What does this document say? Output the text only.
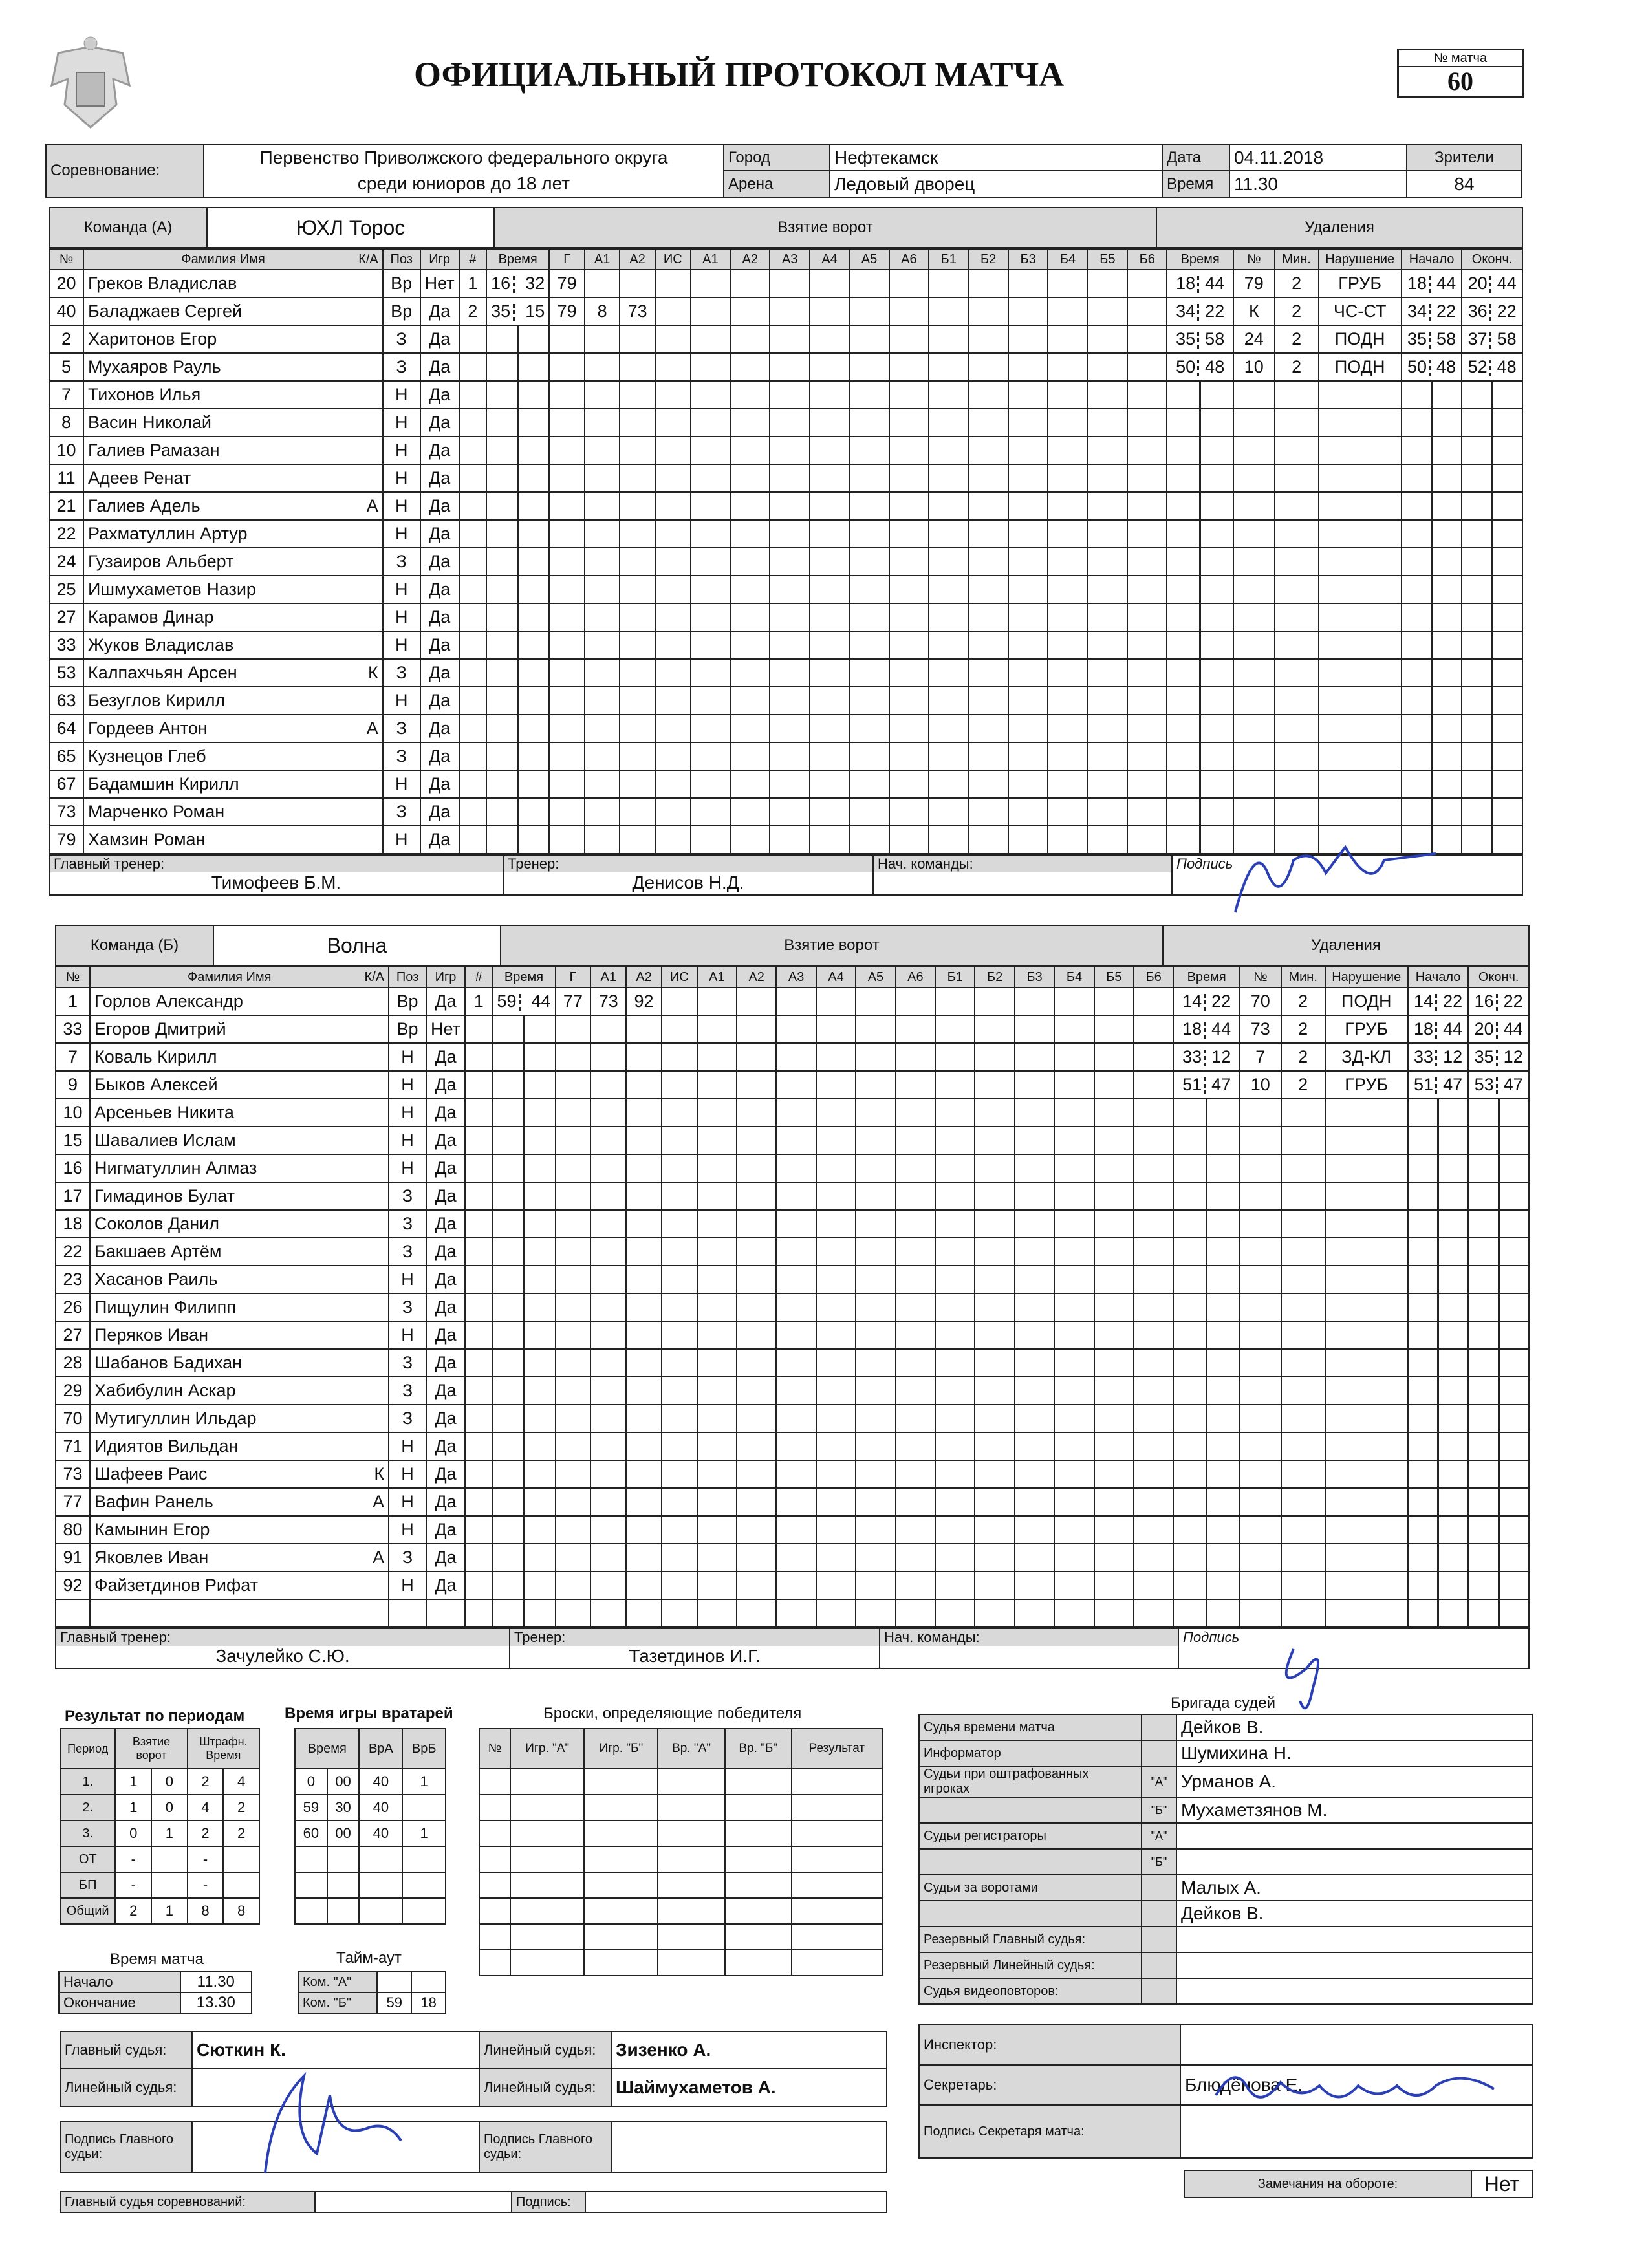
ОФИЦИАЛЬНЫЙ ПРОТОКОЛ МАТЧА	№ матча
60
Соревнование:	Первенство Приволжского федерального округа	Город	Нефтекамск	Дата	04.11.2018	Зрители
	среди юниоров до 18 лет	Арена	Ледовый дворец	Время	11.30	84
Команда (А)	ЮХЛ Торос	Взятие ворот	Удаления
№	Фамилия Имя К/А	Поз	Игр	#	Время	Г	А1	А2	ИС	А1	А2	А3	А4	А5	А6	Б1	Б2	Б3	Б4	Б5	Б6	Время	№	Мин.	Нарушение	Начало	Оконч.
20	Греков Владислав	Вр	Нет	1	16 32	79																18 44	79	2	ГРУБ	18 44	20 44
40	Баладжаев Сергей	Вр	Да	2	35 15	79	8	73														34 22	К	2	ЧС-СТ	34 22	36 22
2	Харитонов Егор	З	Да																			35 58	24	2	ПОДН	35 58	37 58
5	Мухаяров Рауль	З	Да																			50 48	10	2	ПОДН	50 48	52 48
7	Тихонов Илья	Н	Да																								
8	Васин Николай	Н	Да																								
10	Галиев Рамазан	Н	Да																								
11	Адеев Ренат	Н	Да																								
21	Галиев Адель А	Н	Да																								
22	Рахматуллин Артур	Н	Да																								
24	Гузаиров Альберт	З	Да																								
25	Ишмухаметов Назир	Н	Да																								
27	Карамов Динар	Н	Да																								
33	Жуков Владислав	Н	Да																								
53	Калпахчьян Арсен К	З	Да																								
63	Безуглов Кирилл	Н	Да																								
64	Гордеев Антон А	З	Да																								
65	Кузнецов Глеб	З	Да																								
67	Бадамшин Кирилл	Н	Да																								
73	Марченко Роман	З	Да																								
79	Хамзин Роман	Н	Да																								
Главный тренер:
Тимофеев Б.М.

Тренер:
Денисов Н.Д.

Нач. команды:	Подпись
Команда (Б)	Волна	Взятие ворот	Удаления
№	Фамилия Имя К/А	Поз	Игр	#	Время	Г	А1	А2	ИС	А1	А2	А3	А4	А5	А6	Б1	Б2	Б3	Б4	Б5	Б6	Время	№	Мин.	Нарушение	Начало	Оконч.
1	Горлов Александр	Вр	Да	1	59 44	77	73	92														14 22	70	2	ПОДН	14 22	16 22
33	Егоров Дмитрий	Вр	Нет																			18 44	73	2	ГРУБ	18 44	20 44
7	Коваль Кирилл	Н	Да																			33 12	7	2	ЗД-КЛ	33 12	35 12
9	Быков Алексей	Н	Да																			51 47	10	2	ГРУБ	51 47	53 47
10	Арсеньев Никита	Н	Да																								
15	Шавалиев Ислам	Н	Да																								
16	Нигматуллин Алмаз	Н	Да																								
17	Гимадинов Булат	З	Да																								
18	Соколов Данил	З	Да																								
22	Бакшаев Артём	З	Да																								
23	Хасанов Раиль	Н	Да																								
26	Пищулин Филипп	З	Да																								
27	Перяков Иван	Н	Да																								
28	Шабанов Бадихан	З	Да																								
29	Хабибулин Аскар	З	Да																								
70	Мутигуллин Ильдар	З	Да																								
71	Идиятов Вильдан	Н	Да																								
73	Шафеев Раис К	Н	Да																								
77	Вафин Ранель А	Н	Да																								
80	Камынин Егор	Н	Да																								
91	Яковлев Иван А	З	Да																								
92	Файзетдинов Рифат	Н	Да																								

Главный тренер:
Зачулейко С.Ю.

Тренер:
Тазетдинов И.Г.

Нач. команды:	Подпись
Результат по периодам
Период	Взятие ворот		Штрафн. Время	
1.	1	0	2	4
2.	1	0	4	2
3.	0	1	2	2
ОТ	-		-	
БП	-		-	
Общий	2	1	8	8
Время игры вратарей
Время		ВрА	ВрБ
0	00	40	1
59	30	40	
60	00	40	1

Броски, определяющие победителя
№	Игр. "А"	Игр. "Б"	Вр. "А"	Вр. "Б"	Результат

Время матча
Начало	11.30
Окончание	13.30
Тайм-аут
Ком. "А"		
Ком. "Б"	59	18
Бригада судей
Судья времени матча		Дейков В.
Информатор		Шумихина Н.
Судьи при оштрафованных игроках	"А"	Урманов А.
	"Б"	Мухаметзянов М.
Судьи регистраторы	"А"	
	"Б"	
Судьи за воротами		Малых А.
		Дейков В.
Резервный Главный судья:		
Резервный Линейный судья:		
Судья видеоповторов:		
Главный судья:	Сюткин К.	Линейный судья:	Зизенко А.
Линейный судья:		Линейный судья:	Шаймухаметов А.
Подпись Главного судьи:		Подпись Главного судьи:	
Главный судья соревнований:		Подпись:	
Инспектор:	
Секретарь:	Блюдёнова Е.
Подпись Секретаря матча:	
Замечания на обороте:	Нет
